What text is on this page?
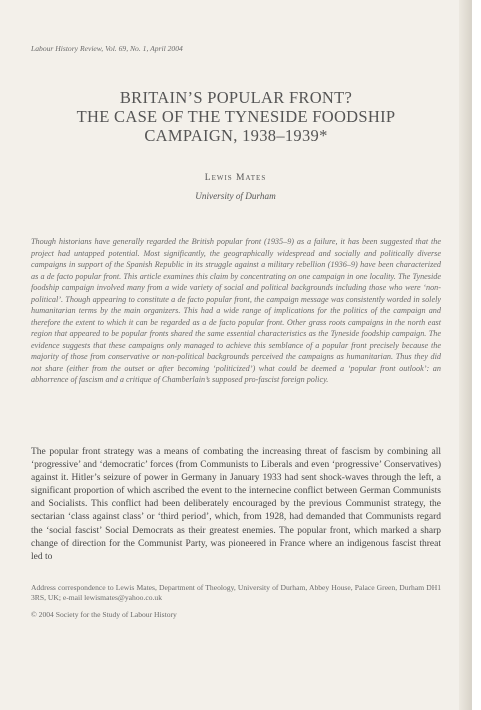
Labour History Review, Vol. 69, No. 1, April 2004
BRITAIN’S POPULAR FRONT?
THE CASE OF THE TYNESIDE FOODSHIP
CAMPAIGN, 1938–1939*
Lewis Mates
University of Durham

Though historians have generally regarded the British popular front (1935–9) as a failure, it has been suggested that the project had untapped potential. Most significantly, the geographically widespread and socially and politically diverse campaigns in support of the Spanish Republic in its struggle against a military rebellion (1936–9) have been characterized as a de facto popular front. This article examines this claim by concentrating on one campaign in one locality. The Tyneside foodship campaign involved many from a wide variety of social and political backgrounds including those who were ‘non-political’. Though appearing to constitute a de facto popular front, the campaign message was consistently worded in solely humanitarian terms by the main organizers. This had a wide range of implications for the politics of the campaign and therefore the extent to which it can be regarded as a de facto popular front. Other grass roots campaigns in the north east region that appeared to be popular fronts shared the same essential characteristics as the Tyneside foodship campaign. The evidence suggests that these campaigns only managed to achieve this semblance of a popular front precisely because the majority of those from conservative or non-political backgrounds perceived the campaigns as humanitarian. Thus they did not share (either from the outset or after becoming ‘politicized’) what could be deemed a ‘popular front outlook’: an abhorrence of fascism and a critique of Chamberlain’s supposed pro-fascist foreign policy.

The popular front strategy was a means of combating the increasing threat of fascism by combining all ‘progressive’ and ‘democratic’ forces (from Communists to Liberals and even ‘progressive’ Conservatives) against it. Hitler’s seizure of power in Germany in January 1933 had sent shock-waves through the left, a significant proportion of which ascribed the event to the internecine conflict between German Communists and Socialists. This conflict had been deliberately encouraged by the previous Communist strategy, the sectarian ‘class against class’ or ‘third period’, which, from 1928, had demanded that Communists regard the ‘social fascist’ Social Democrats as their greatest enemies. The popular front, which marked a sharp change of direction for the Communist Party, was pioneered in France where an indigenous fascist threat led to

Address correspondence to Lewis Mates, Department of Theology, University of Durham, Abbey House, Palace Green, Durham DH1 3RS, UK; e-mail lewismates@yahoo.co.uk

© 2004 Society for the Study of Labour History
